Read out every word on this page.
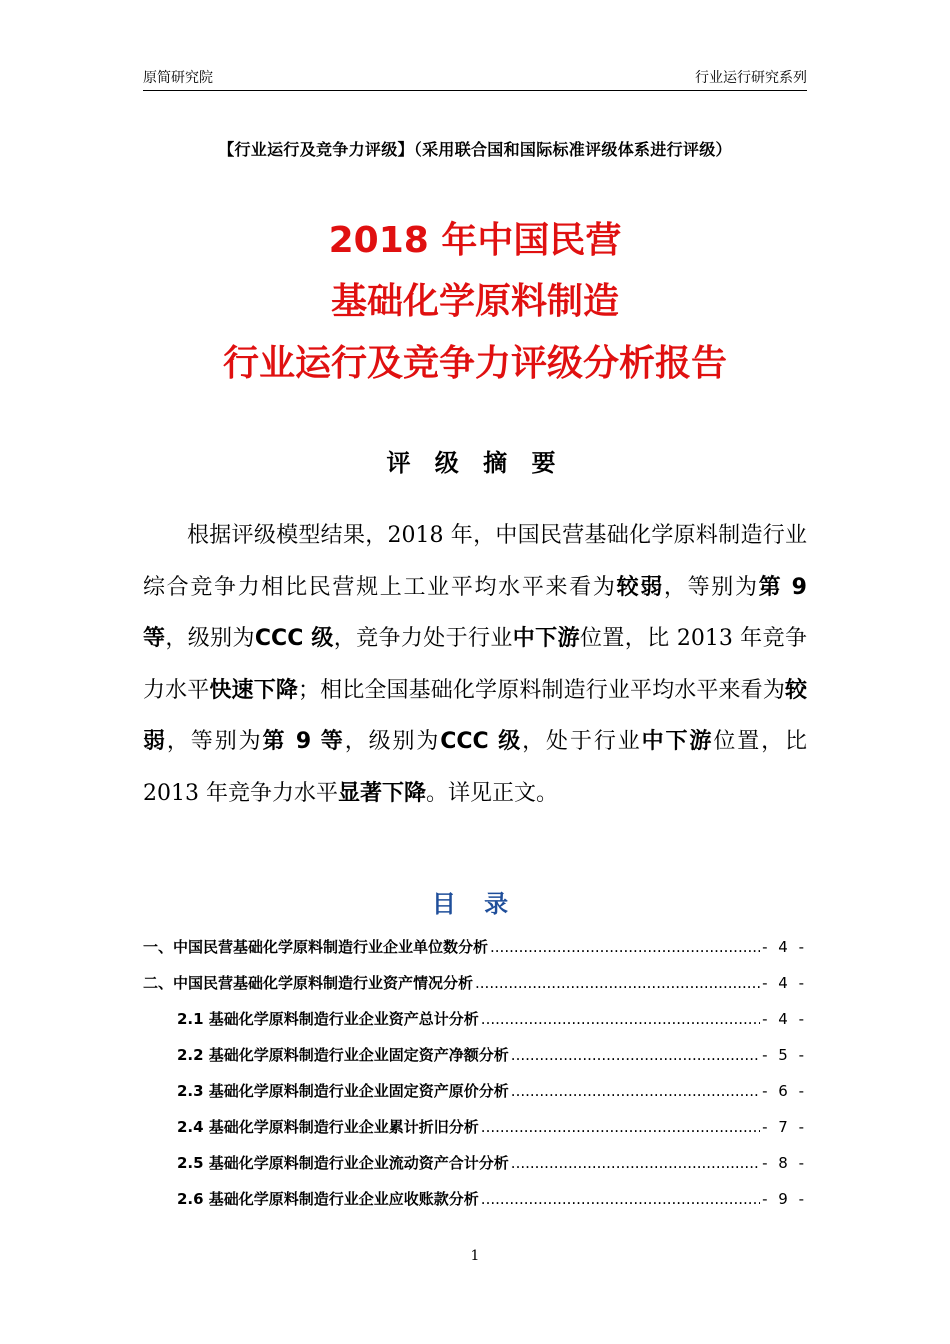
原简研究院	行业运行研究系列
【行业运行及竞争力评级】（采用联合国和国际标准评级体系进行评级）
2018 年中国民营
基础化学原料制造
行业运行及竞争力评级分析报告
评 级 摘 要

根据评级模型结果，2018 年，中国民营基础化学原料制造行业综合竞争力相比民营规上工业平均水平来看为较弱，等别为第 9 等，级别为CCC 级，竞争力处于行业中下游位置，比 2013 年竞争力水平快速下降；相比全国基础化学原料制造行业平均水平来看为较弱，等别为第 9 等，级别为CCC 级，处于行业中下游位置，比 2013 年竞争力水平显著下降。详见正文。

目 录
一、中国民营基础化学原料制造行业企业单位数分析 .....	- 4 -
二、中国民营基础化学原料制造行业资产情况分析 .....	- 4 -
2.1 基础化学原料制造行业企业资产总计分析 .....	- 4 -
2.2 基础化学原料制造行业企业固定资产净额分析 .....	- 5 -
2.3 基础化学原料制造行业企业固定资产原价分析 .....	- 6 -
2.4 基础化学原料制造行业企业累计折旧分析 .....	- 7 -
2.5 基础化学原料制造行业企业流动资产合计分析 .....	- 8 -
2.6 基础化学原料制造行业企业应收账款分析 .....	- 9 -
1
